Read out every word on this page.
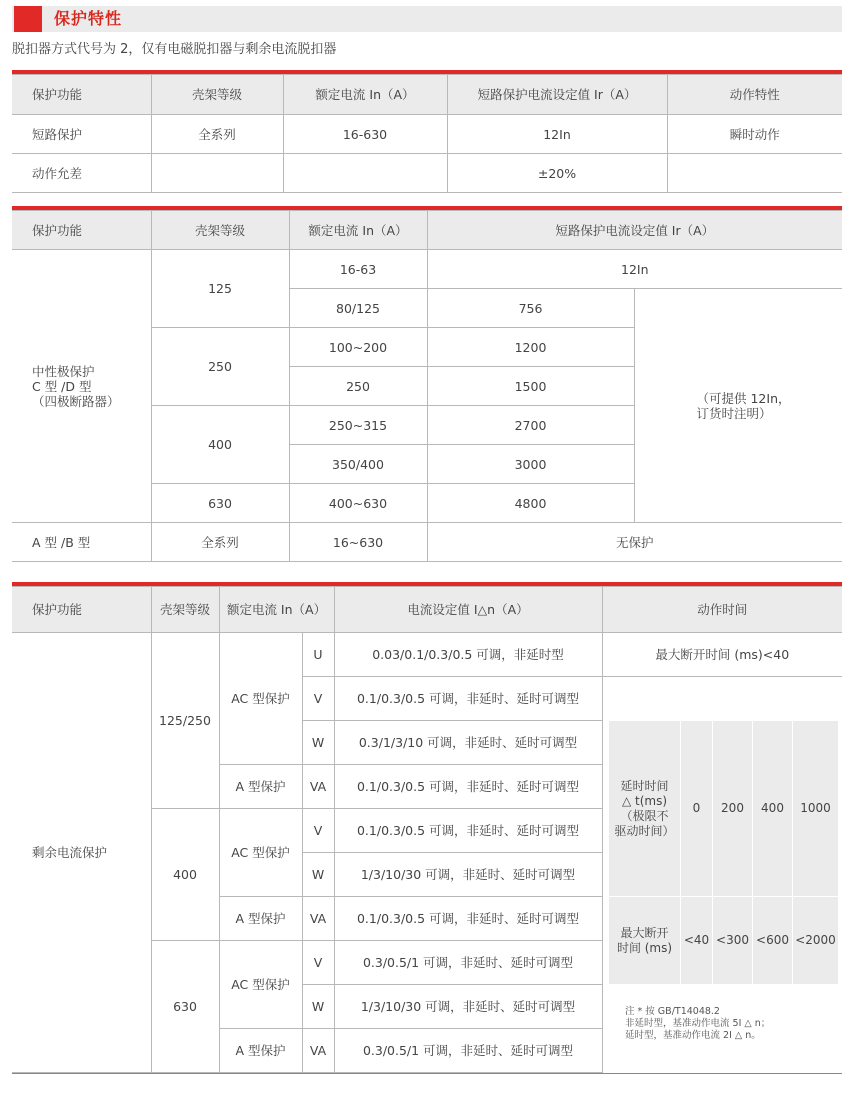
保护特性
脱扣器方式代号为 2，仅有电磁脱扣器与剩余电流脱扣器
保护功能	壳架等级	额定电流 In（A）	短路保护电流设定值 Ir（A）	动作特性
短路保护	全系列	16-630	12In	瞬时动作
动作允差			±20%	
保护功能	壳架等级	额定电流 In（A）	短路保护电流设定值 Ir（A）	
中性极保护
C 型 /D 型
（四极断路器）	125	16-63	12In	
		80/125	756	（可提供 12In，
订货时注明）
	250	100~200	1200	
		250	1500	
	400	250~315	2700	
		350/400	3000	
	630	400~630	4800	
A 型 /B 型	全系列	16~630	无保护	
保护功能	壳架等级	额定电流 In（A）		电流设定值 I△n（A）	动作时间
剩余电流保护	125/250	AC 型保护	U	0.03/0.1/0.3/0.5 可调，非延时型	最大断开时间 (ms)<40
			V	0.1/0.3/0.5 可调，非延时、延时可调型	
			W	0.3/1/3/10 可调，非延时、延时可调型	
		A 型保护	VA	0.1/0.3/0.5 可调，非延时、延时可调型	
	400	AC 型保护	V	0.1/0.3/0.5 可调，非延时、延时可调型	
			W	1/3/10/30 可调，非延时、延时可调型	
		A 型保护	VA	0.1/0.3/0.5 可调，非延时、延时可调型	
	630	AC 型保护	V	0.3/0.5/1 可调，非延时、延时可调型	
			W	1/3/10/30 可调，非延时、延时可调型	
		A 型保护	VA	0.3/0.5/1 可调，非延时、延时可调型	
延时时间
△ t(ms)
（极限不
驱动时间）	0	200	400	1000
最大断开
时间 (ms)	<40	<300	<600	<2000
注 * 按 GB/T14048.2
非延时型，基准动作电流 5I △ n；
延时型，基准动作电流 2I △ n。
